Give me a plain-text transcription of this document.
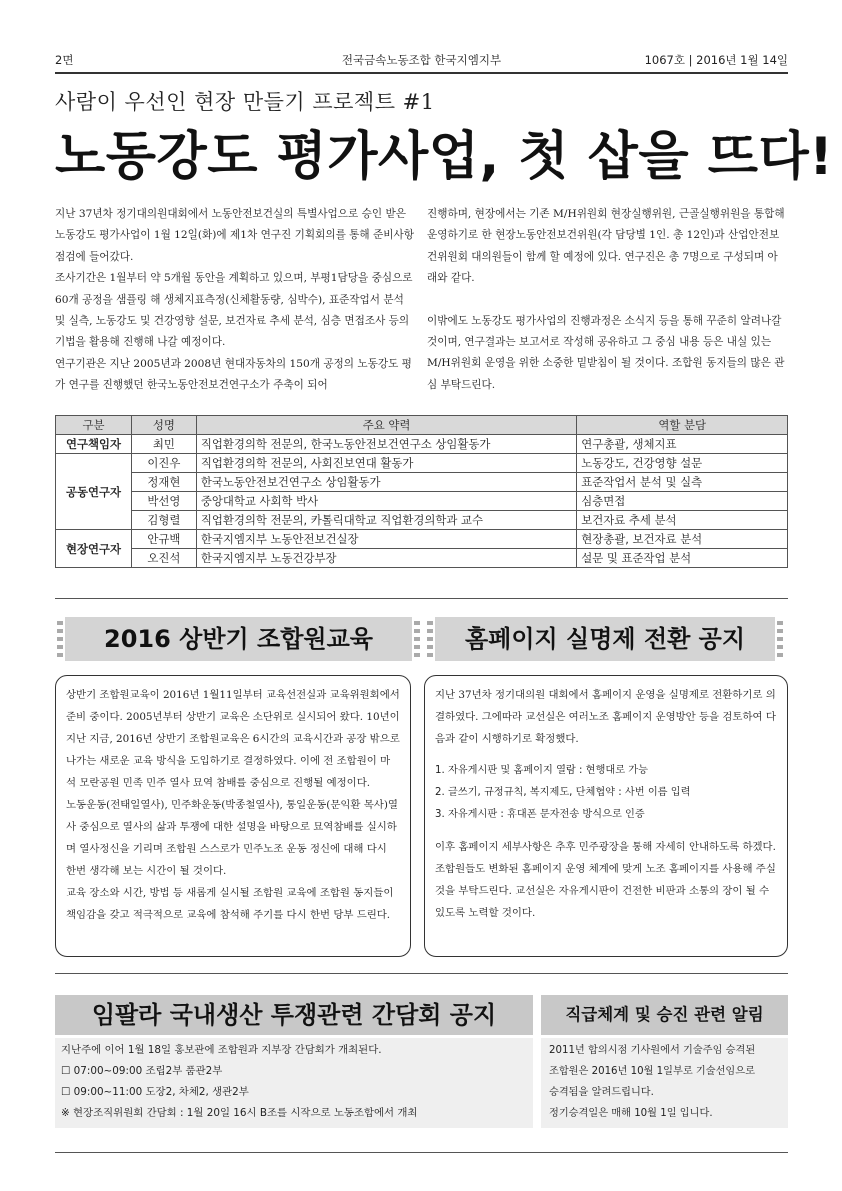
2면	전국금속노동조합 한국지엠지부	1067호 | 2016년 1월 14일
사람이 우선인 현장 만들기 프로젝트 #1
노동강도 평가사업, 첫 삽을 뜨다!

지난 37년차 정기대의원대회에서 노동안전보건실의 특별사업으로 승인 받은 노동강도 평가사업이 1월 12일(화)에 제1차 연구진 기획회의를 통해 준비사항 점검에 들어갔다.

조사기간은 1월부터 약 5개월 동안을 계획하고 있으며, 부평1담당을 중심으로 60개 공정을 샘플링 해 생체지표측정(신체활동량, 심박수), 표준작업서 분석 및 실측, 노동강도 및 건강영향 설문, 보건자료 추세 분석, 심층 면접조사 등의 기법을 활용해 진행해 나갈 예정이다.

연구기관은 지난 2005년과 2008년 현대자동차의 150개 공정의 노동강도 평가 연구를 진행했던 한국노동안전보건연구소가 주축이 되어

진행하며, 현장에서는 기존 M/H위원회 현장실행위원, 근골실행위원을 통합해 운영하기로 한 현장노동안전보건위원(각 담당별 1인. 총 12인)과 산업안전보건위원회 대의원들이 함께 할 예정에 있다. 연구진은 총 7명으로 구성되며 아래와 같다.

이밖에도 노동강도 평가사업의 진행과정은 소식지 등을 통해 꾸준히 알려나갈 것이며, 연구결과는 보고서로 작성해 공유하고 그 중심 내용 등은 내실 있는 M/H위원회 운영을 위한 소중한 밑받침이 될 것이다. 조합원 동지들의 많은 관심 부탁드린다.

구분	성명	주요 약력	역할 분담
연구책임자	최민	직업환경의학 전문의, 한국노동안전보건연구소 상임활동가	연구총괄, 생체지표
공동연구자	이진우	직업환경의학 전문의, 사회진보연대 활동가	노동강도, 건강영향 설문
	정재현	한국노동안전보건연구소 상임활동가	표준작업서 분석 및 실측
	박선영	중앙대학교 사회학 박사	심층면접
	김형렬	직업환경의학 전문의, 카톨릭대학교 직업환경의학과 교수	보건자료 추세 분석
현장연구자	안규백	한국지엠지부 노동안전보건실장	현장총괄, 보건자료 분석
	오진석	한국지엠지부 노동건강부장	설문 및 표준작업 분석
2016 상반기 조합원교육

상반기 조합원교육이 2016년 1월11일부터 교육선전실과 교육위원회에서 준비 중이다. 2005년부터 상반기 교육은 소단위로 실시되어 왔다. 10년이 지난 지금, 2016년 상반기 조합원교육은 6시간의 교육시간과 공장 밖으로 나가는 새로운 교육 방식을 도입하기로 결정하였다. 이에 전 조합원이 마석 모란공원 민족 민주 열사 묘역 참배를 중심으로 진행될 예정이다.

노동운동(전태일열사), 민주화운동(박종철열사), 통일운동(문익환 목사)열사 중심으로 열사의 삶과 투쟁에 대한 설명을 바탕으로 묘역참배를 실시하며 열사정신을 기리며 조합원 스스로가 민주노조 운동 정신에 대해 다시 한번 생각해 보는 시간이 될 것이다.

교육 장소와 시간, 방법 등 새롭게 실시될 조합원 교육에 조합원 동지들이 책임감을 갖고 적극적으로 교육에 참석해 주기를 다시 한번 당부 드린다.

홈페이지 실명제 전환 공지

지난 37년차 정기대의원 대회에서 홈페이지 운영을 실명제로 전환하기로 의결하였다. 그에따라 교선실은 여러노조 홈페이지 운영방안 등을 검토하여 다음과 같이 시행하기로 확정했다.

1. 자유게시판 및 홈페이지 열람 : 현행대로 가능

2. 글쓰기, 규정규칙, 복지제도, 단체협약 : 사번 이름 입력

3. 자유게시판 : 휴대폰 문자전송 방식으로 인증

이후 홈페이지 세부사항은 추후 민주광장을 통해 자세히 안내하도록 하겠다.

조합원들도 변화된 홈페이지 운영 체계에 맞게 노조 홈페이지를 사용해 주실것을 부탁드린다. 교선실은 자유게시판이 건전한 비판과 소통의 장이 될 수 있도록 노력할 것이다.

임팔라 국내생산 투쟁관련 간담회 공지

지난주에 이어 1월 18일 홍보관에 조합원과 지부장 간담회가 개최된다.

☐ 07:00~09:00 조립2부 품관2부

☐ 09:00~11:00 도장2, 차체2, 생관2부

※ 현장조직위원회 간담회 : 1월 20일 16시 B조를 시작으로 노동조합에서 개최

직급체계 및 승진 관련 알림

2011년 합의시점 기사원에서 기술주임 승격된

조합원은 2016년 10월 1일부로 기술선임으로

승격됨을 알려드립니다.

정기승격일은 매해 10월 1일 입니다.
